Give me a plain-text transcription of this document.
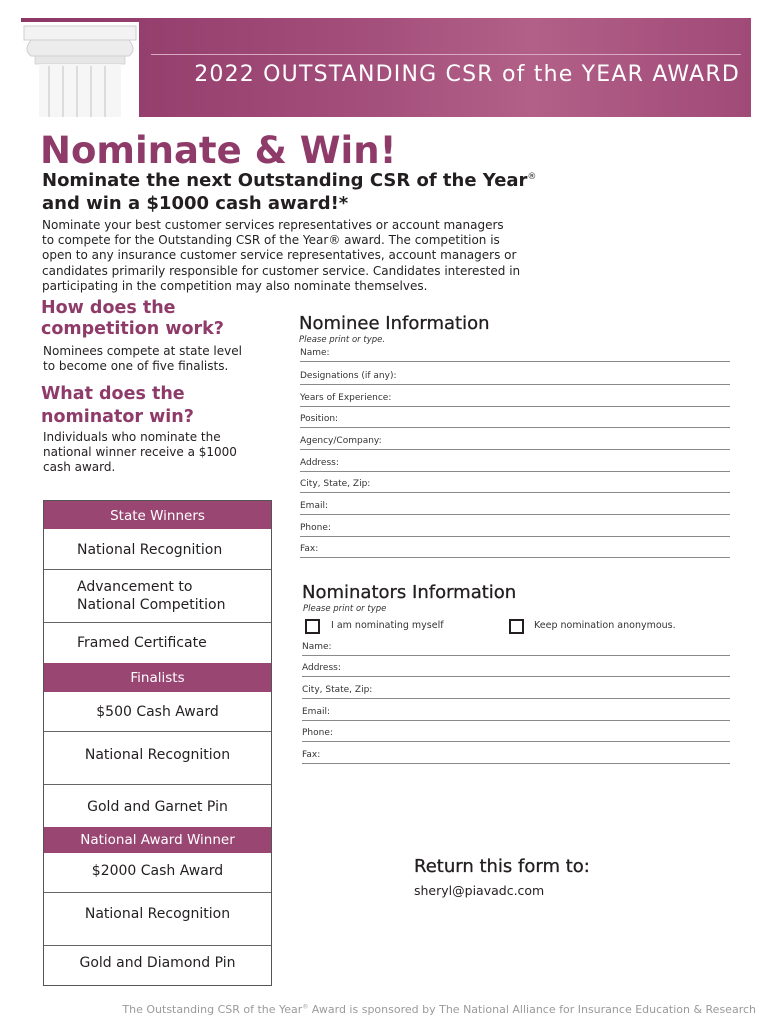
2022 OUTSTANDING CSR of the YEAR AWARD
Nominate & Win!
Nominate the next Outstanding CSR of the Year®
and win a $1000 cash award!*
Nominate your best customer services representatives or account managers
to compete for the Outstanding CSR of the Year® award. The competition is
open to any insurance customer service representatives, account managers or
candidates primarily responsible for customer service. Candidates interested in
participating in the competition may also nominate themselves.
How does the
competition work?
Nominees compete at state level
to become one of five finalists.
What does the
nominator win?
Individuals who nominate the
national winner receive a $1000
cash award.
State Winners
National Recognition
Advancement to
National Competition
Framed Certificate
Finalists
$500 Cash Award
National Recognition
Gold and Garnet Pin
National Award Winner
$2000 Cash Award
National Recognition
Gold and Diamond Pin
Nominee Information
Please print or type.
Name:
Designations (if any):
Years of Experience:
Position:
Agency/Company:
Address:
City, State, Zip:
Email:
Phone:
Fax:
Nominators Information
Please print or type
I am nominating myself	Keep nomination anonymous.
Name:
Address:
City, State, Zip:
Email:
Phone:
Fax:
Return this form to:
sheryl@piavadc.com
The Outstanding CSR of the Year® Award is sponsored by The National Alliance for Insurance Education & Research
